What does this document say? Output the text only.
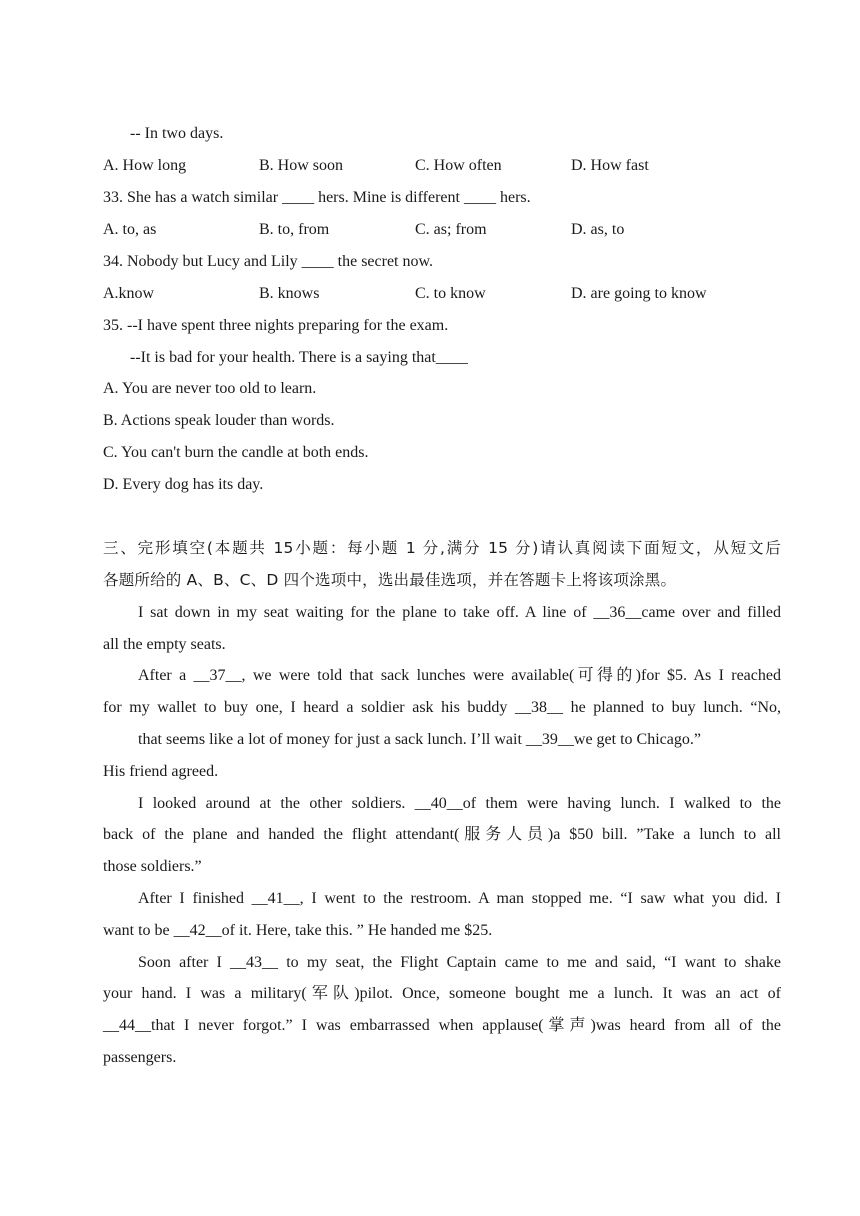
-- In two days.
A. How long	B. How soon	C. How often	D. How fast
33. She has a watch similar ____ hers. Mine is different ____ hers.
A. to, as	B. to, from	C. as; from	D. as, to
34. Nobody but Lucy and Lily ____ the secret now.
A.know	B. knows	C. to know	D. are going to know
35. --I have spent three nights preparing for the exam.
--It is bad for your health. There is a saying that____
A. You are never too old to learn.
B. Actions speak louder than words.
C. You can't burn the candle at both ends.
D. Every dog has its day.
三、完形填空(本题共 15小题：每小题 1 分,满分 15 分)请认真阅读下面短文，从短文后
各题所给的 A、B、C、D 四个选项中，选出最佳选项，并在答题卡上将该项涂黑。
I sat down in my seat waiting for the plane to take off. A line of __36__came over and filled
all the empty seats.
After a __37__, we were told that sack lunches were available(可得的)for $5. As I reached
for my wallet to buy one, I heard a soldier ask his buddy __38__ he planned to buy lunch. “No,
that seems like a lot of money for just a sack lunch. I’ll wait __39__we get to Chicago.”
His friend agreed.
I looked around at the other soldiers. __40__of them were having lunch. I walked to the
back of the plane and handed the flight attendant(服务人员)a $50 bill. ”Take a lunch to all
those soldiers.”
After I finished __41__, I went to the restroom. A man stopped me. “I saw what you did. I
want to be __42__of it. Here, take this. ” He handed me $25.
Soon after I __43__ to my seat, the Flight Captain came to me and said, “I want to shake
your hand. I was a military(军队)pilot. Once, someone bought me a lunch. It was an act of
__44__that I never forgot.” I was embarrassed when applause(掌声)was heard from all of the
passengers.
